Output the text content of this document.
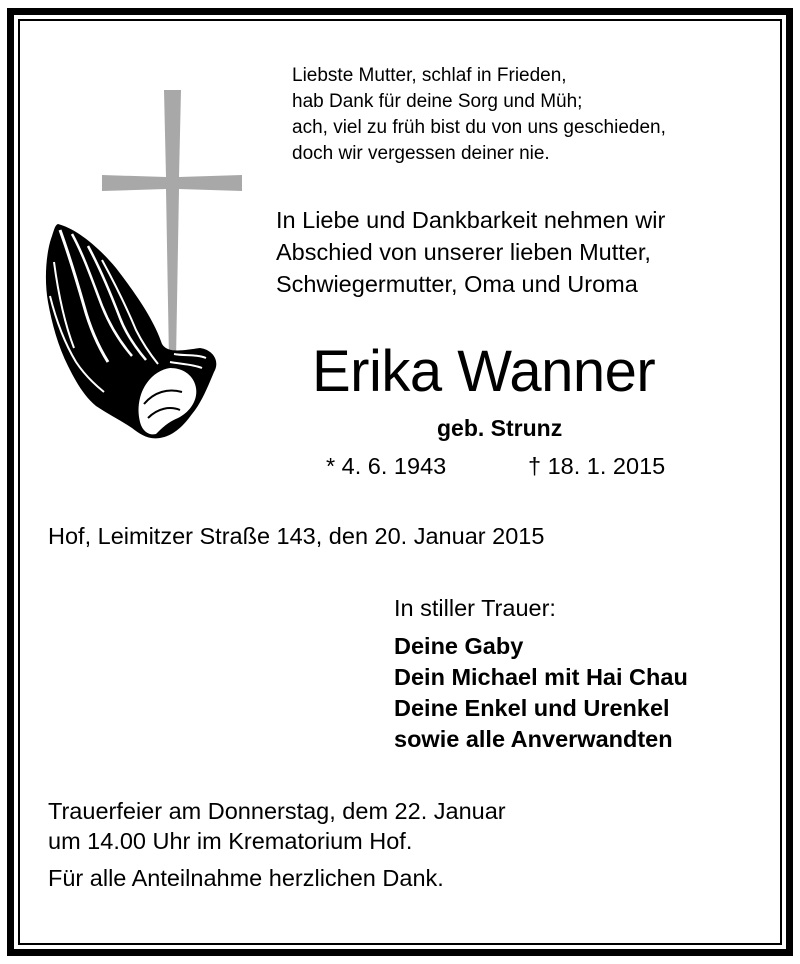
Liebste Mutter, schlaf in Frieden,
hab Dank für deine Sorg und Müh;
ach, viel zu früh bist du von uns geschieden,
doch wir vergessen deiner nie.
In Liebe und Dankbarkeit nehmen wir
Abschied von unserer lieben Mutter,
Schwiegermutter, Oma und Uroma
Erika Wanner
geb. Strunz
* 4. 6. 1943	† 18. 1. 2015
Hof, Leimitzer Straße 143, den 20. Januar 2015
In stiller Trauer:
Deine Gaby
Dein Michael mit Hai Chau
Deine Enkel und Urenkel
sowie alle Anverwandten
Trauerfeier am Donnerstag, dem 22. Januar
um 14.00 Uhr im Krematorium Hof.
Für alle Anteilnahme herzlichen Dank.
